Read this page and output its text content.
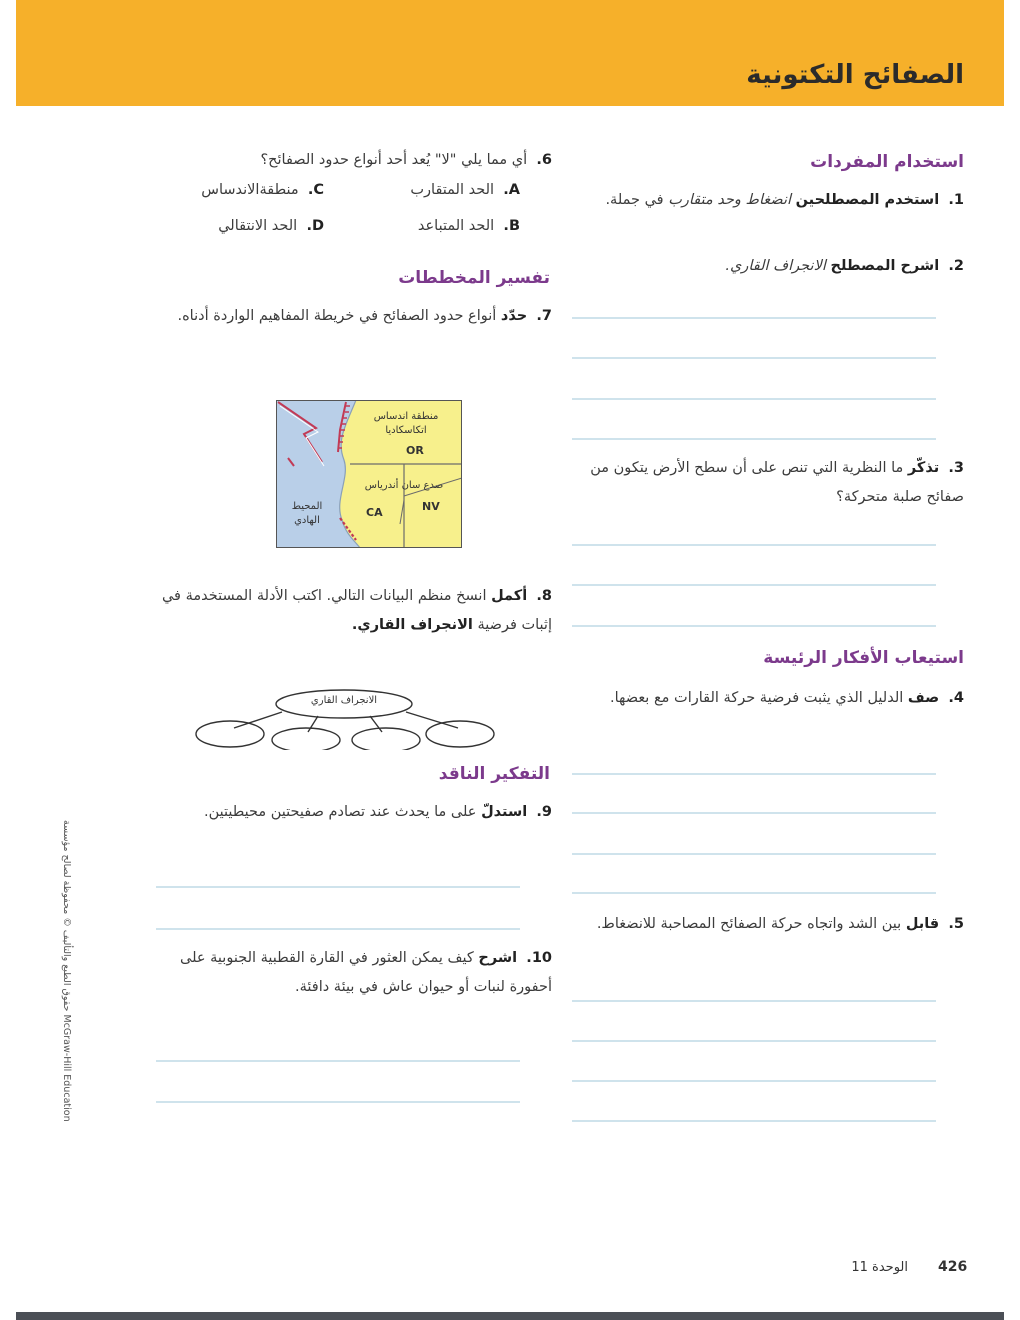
الصفائح التكتونية
استخدام المفردات
1.  استخدم المصطلحين انضغاط وحد متقارب في جملة.
2.  اشرح المصطلح الانجراف القاري.
3.  تذكّر ما النظرية التي تنص على أن سطح الأرض يتكون من صفائح صلبة متحركة؟
استيعاب الأفكار الرئيسة
4.  صف الدليل الذي يثبت فرضية حركة القارات مع بعضها.
5.  قابل بين الشد واتجاه حركة الصفائح المصاحبة للانضغاط.
6.  أي مما يلي "لا" يُعد أحد أنواع حدود الصفائح؟
A.  الحد المتقارب
C.  منطقةالاندساس
B.  الحد المتباعد
D.  الحد الانتقالي
تفسير المخططات
7.  حدّد أنواع حدود الصفائح في خريطة المفاهيم الواردة أدناه.
منطقة اندساس اتكاسكاديا
OR
صدع سان أندرياس
CA	NV
المحيط الهادي
8.  أكمل انسخ منظم البيانات التالي. اكتب الأدلة المستخدمة في إثبات فرضية الانجراف القاري.
الانجراف القاري
التفكير الناقد
9.  استدلّ على ما يحدث عند تصادم صفيحتين محيطيتين.
10.  اشرح كيف يمكن العثور في القارة القطبية الجنوبية على أحفورة لنبات أو حيوان عاش في بيئة دافئة.
McGraw-Hill Education حقوق الطبع والتأليف © محفوظة لصالح مؤسسة
426
الوحدة 11
